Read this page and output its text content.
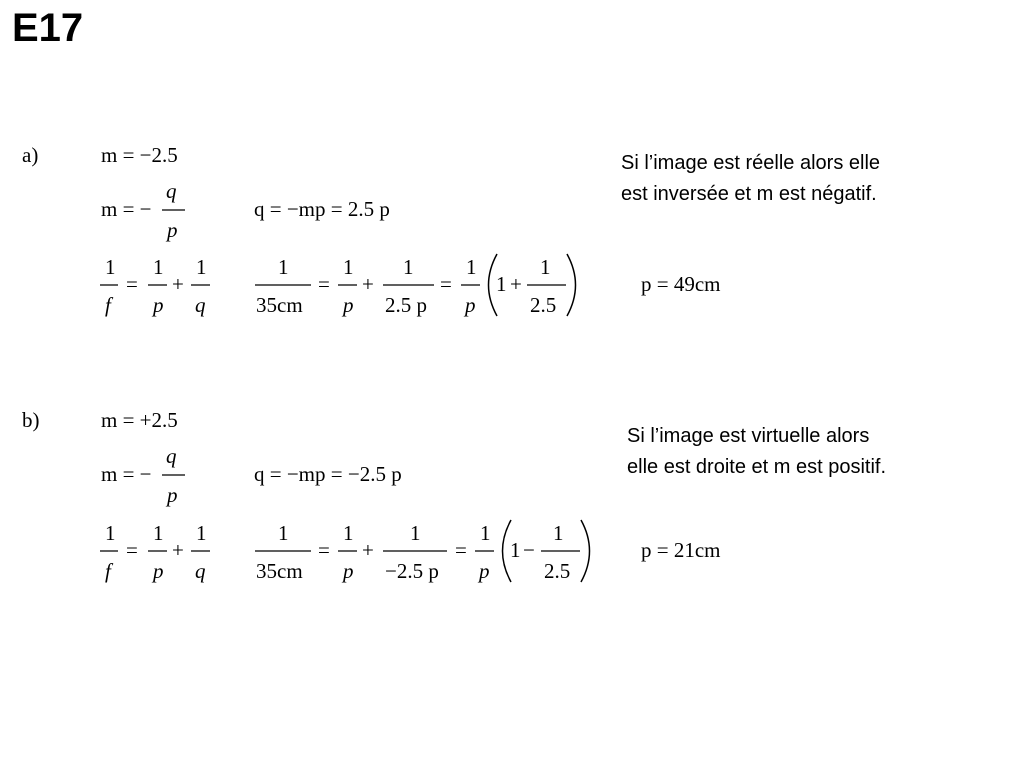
E17
Si l’image est réelle alors elle
est inversée et m est négatif.
Si l’image est virtuelle alors
elle est droite et m est positif.
a)	m = −2.5
m = −
q
p
q = −mp = 2.5 p
1
f
=
1
p
+
1
q
1
35cm
=
1
p
+
1
2.5 p
=
1
p
1 +
1
2.5
p = 49cm
b)	m = +2.5
m = −
q
p
q = −mp = −2.5 p
1
f
=
1
p
+
1
q
1
35cm
=
1
p
+
1
−2.5 p
=
1
p
1 −
1
2.5
p = 21cm
